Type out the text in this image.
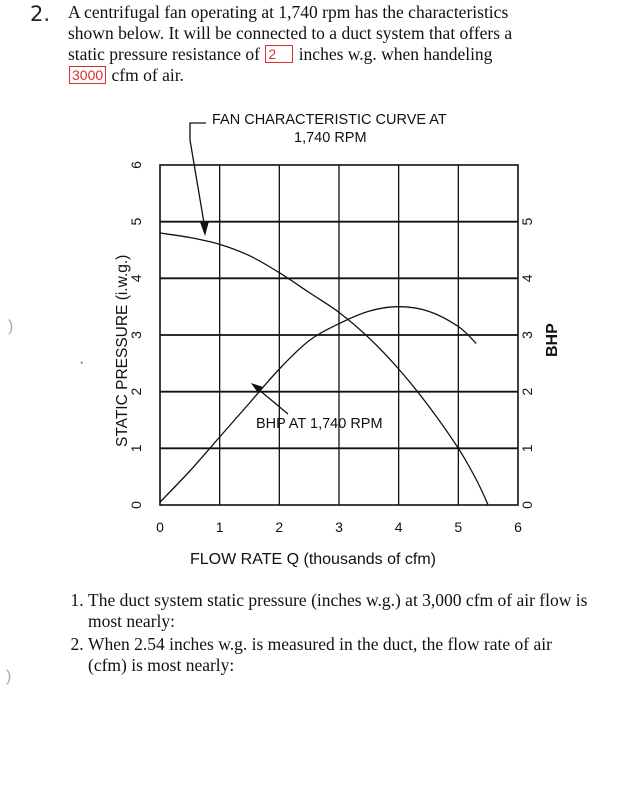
2. A centrifugal fan operating at 1,740 rpm has the characteristics
shown below. It will be connected to a duct system that offers a
static pressure resistance of 2 inches w.g. when handeling
3000 cfm of air.
)
·
)
0	1	2	3	4	5	6
0
1
2
3
4
5
6
0
1
2
3
4
5
FAN CHARACTERISTIC CURVE AT
1,740 RPM
BHP AT 1,740 RPM
FLOW RATE Q (thousands of cfm)
STATIC PRESSURE (i.w.g.)	BHP
1. The duct system static pressure (inches w.g.) at 3,000 cfm of air flow is most nearly:
2. When 2.54 inches w.g. is measured in the duct, the flow rate of air (cfm) is most nearly:
